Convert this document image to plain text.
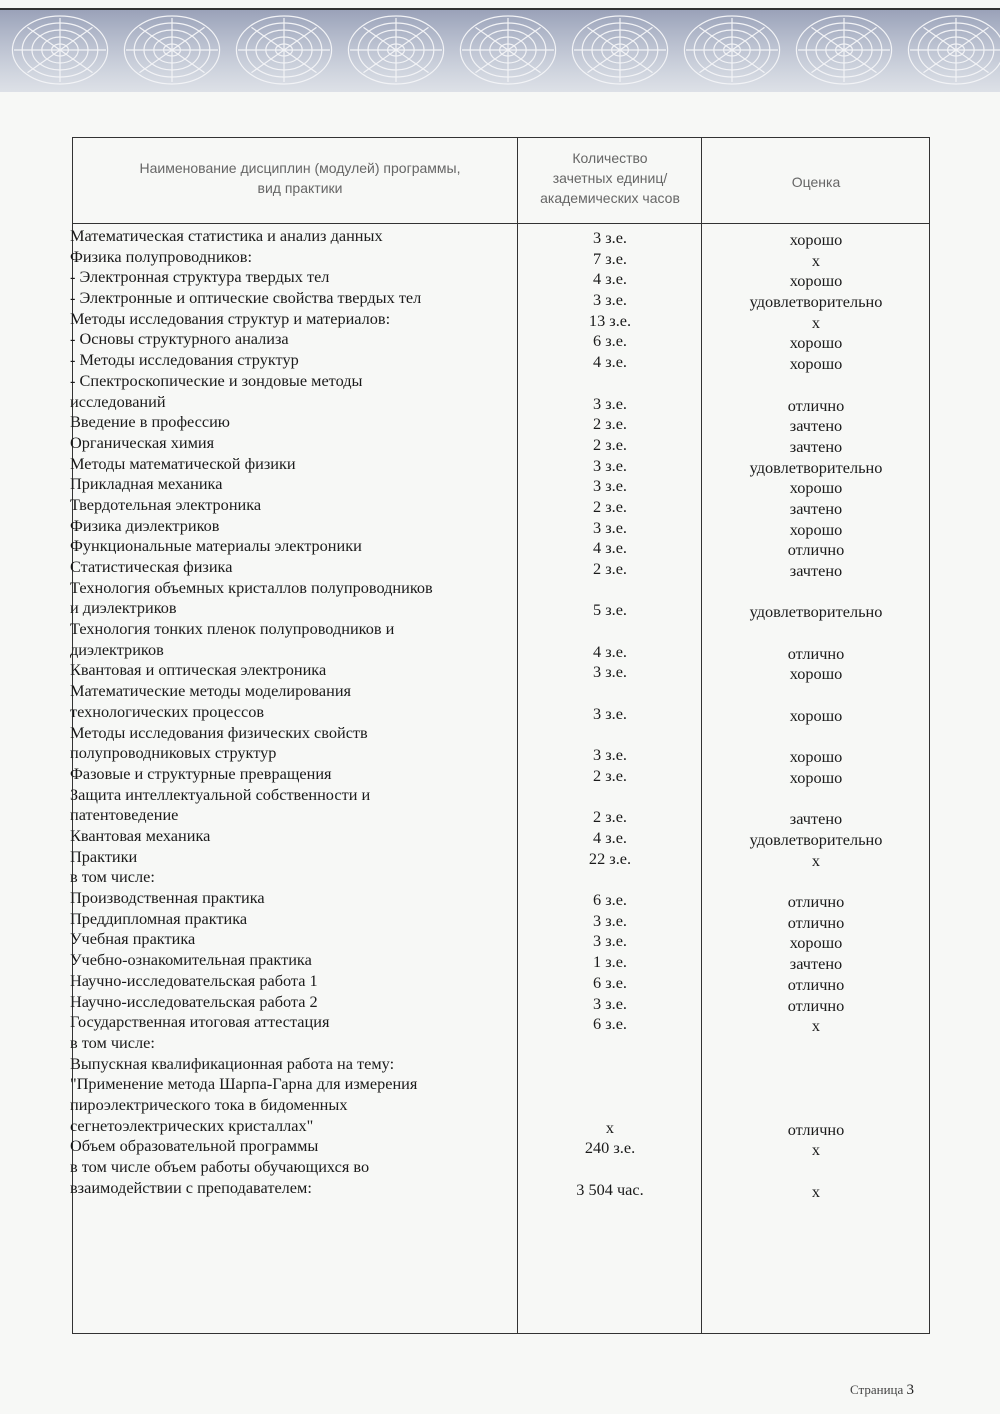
Наименование дисциплин (модулей) программы,
вид практики
Количество
зачетных единиц/
академических часов
Оценка
Математическая статистика и анализ данных	3 з.е.	хорошо
Физика полупроводников:	7 з.е.	х
- Электронная структура твердых тел	4 з.е.	хорошо
- Электронные и оптические свойства твердых тел	3 з.е.	удовлетворительно
Методы исследования структур и материалов:	13 з.е.	х
- Основы структурного анализа	6 з.е.	хорошо
- Методы исследования структур	4 з.е.	хорошо
- Спектроскопические и зондовые методы
исследований	3 з.е.	отлично
Введение в профессию	2 з.е.	зачтено
Органическая химия	2 з.е.	зачтено
Методы математической физики	3 з.е.	удовлетворительно
Прикладная механика	3 з.е.	хорошо
Твердотельная электроника	2 з.е.	зачтено
Физика диэлектриков	3 з.е.	хорошо
Функциональные материалы электроники	4 з.е.	отлично
Статистическая физика	2 з.е.	зачтено
Технология объемных кристаллов полупроводников
и диэлектриков	5 з.е.	удовлетворительно
Технология тонких пленок полупроводников и
диэлектриков	4 з.е.	отлично
Квантовая и оптическая электроника	3 з.е.	хорошо
Математические методы моделирования
технологических процессов	3 з.е.	хорошо
Методы исследования физических свойств
полупроводниковых структур	3 з.е.	хорошо
Фазовые и структурные превращения	2 з.е.	хорошо
Защита интеллектуальной собственности и
патентоведение	2 з.е.	зачтено
Квантовая механика	4 з.е.	удовлетворительно
Практики	22 з.е.	х
в том числе:
Производственная практика	6 з.е.	отлично
Преддипломная практика	3 з.е.	отлично
Учебная практика	3 з.е.	хорошо
Учебно-ознакомительная практика	1 з.е.	зачтено
Научно-исследовательская работа 1	6 з.е.	отлично
Научно-исследовательская работа 2	3 з.е.	отлично
Государственная итоговая аттестация	6 з.е.	х
в том числе:
Выпускная квалификационная работа на тему:
"Применение метода Шарпа-Гарна для измерения
пироэлектрического тока в бидоменных
сегнетоэлектрических кристаллах"	х	отлично
Объем образовательной программы	240 з.е.	х
в том числе объем работы обучающихся во
взаимодействии с преподавателем:	3 504 час.	х
Страница 3
